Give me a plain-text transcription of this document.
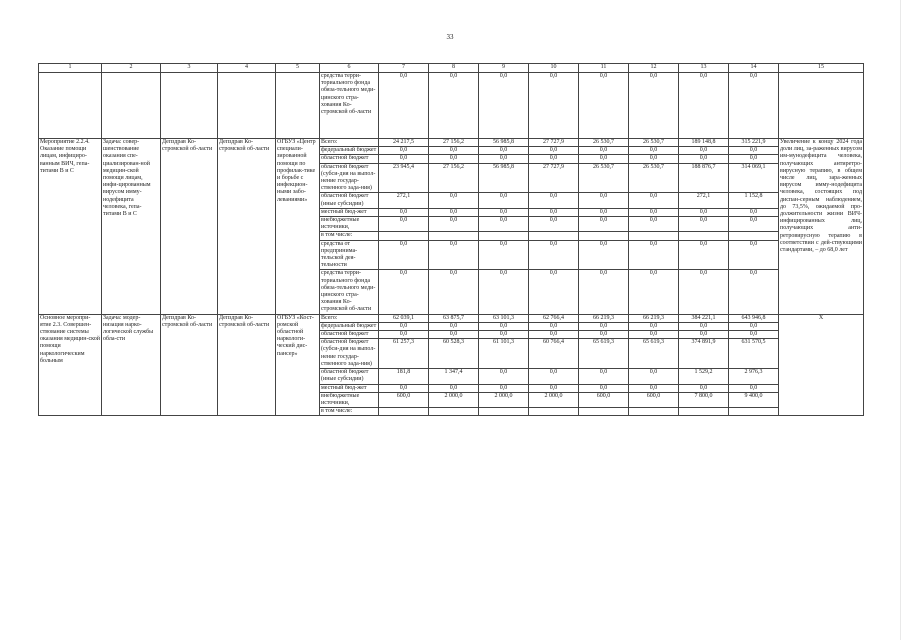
33
1	2	3	4	5	6	7	8	9	10	11	12	13	14	15
					средства терри-ториального фонда обяза-тельного меди-цинского стра-хования Ко-стромской об-ласти	0,0	0,0	0,0	0,0	0,0	0,0	0,0	0,0	
Мероприятие 2.2.4. Оказание помощи лицам, инфициро-ванным ВИЧ, гепа-титами В и С	Задача: совер-шенствование оказания спе-циализирован-ной медицин-ской помощи лицам, инфи-цированным вирусом имму-нодефицита человека, гепа-титами В и С	Депздрав Ко-стромской об-ласти	Депздрав Ко-стромской об-ласти	ОГБУЗ «Центр специали-зированной помощи по профилак-тике и борьбе с инфекцион-ными забо-леваниями»	Всего:	24 217,5	27 156,2	56 985,8	27 727,9	26 530,7	26 530,7	189 148,8	315 221,9	Увеличение к концу 2024 года доли лиц, за-раженных вирусом им-мунодефицита человека, получающих антиретро-вирусную терапию, в общем числе лиц, зара-женных вирусом имму-нодефицита человека, состоящих под диспан-серным наблюдением, до 73,5%, ожидаемой про-должительности жизни ВИЧ-инфицированных лиц, получающих анти-ретровирусную терапию в соответствии с дей-ствующими стандартами, – до 68,0 лет
					федеральный бюджет	0,0	0,0	0,0	0,0	0,0	0,0	0,0	0,0	
					областной бюджет	0,0	0,0	0,0	0,0	0,0	0,0	0,0	0,0	
					областной бюджет (субси-дия на выпол-нение государ-ственного зада-ния)	23 945,4	27 156,2	56 985,8	27 727,9	26 530,7	26 530,7	188 876,7	314 069,1	
					областной бюджет (иные субсидии)	272,1	0,0	0,0	0,0	0,0	0,0	272,1	1 152,8	
					местный бюд-жет	0,0	0,0	0,0	0,0	0,0	0,0	0,0	0,0	
					внебюджетные источники,	0,0	0,0	0,0	0,0	0,0	0,0	0,0	0,0	
					в том числе:									
					средства от предпринима-тельской дея-тельности	0,0	0,0	0,0	0,0	0,0	0,0	0,0	0,0	
					средства терри-ториального фонда обяза-тельного меди-цинского стра-хования Ко-стромской об-ласти	0,0	0,0	0,0	0,0	0,0	0,0	0,0	0,0	
Основное меропри-ятие 2.3. Совершен-ствование системы оказания медицин-ской помощи наркологическим больным	Задача: модер-низация нарко-логической службы обла-сти	Депздрав Ко-стромской об-ласти	Депздрав Ко-стромской об-ласти	ОГБУЗ «Кост-ромской областной наркологи-ческий дис-пансер»	Всего:	62 039,1	63 875,7	63 101,3	62 766,4	66 219,3	66 219,3	384 221,1	643 946,8	Х
					федеральный бюджет	0,0	0,0	0,0	0,0	0,0	0,0	0,0	0,0	
					областной бюджет	0,0	0,0	0,0	0,0	0,0	0,0	0,0	0,0	
					областной бюджет (субси-дия на выпол-нение государ-ственного зада-ния)	61 257,3	60 528,3	61 101,3	60 766,4	65 619,3	65 619,3	374 891,9	631 570,5	
					областной бюджет (иные субсидии)	181,8	1 347,4	0,0	0,0	0,0	0,0	1 529,2	2 976,3	
					местный бюд-жет	0,0	0,0	0,0	0,0	0,0	0,0	0,0	0,0	
					внебюджетные источники,	600,0	2 000,0	2 000,0	2 000,0	600,0	600,0	7 800,0	9 400,0	
					в том числе:									
